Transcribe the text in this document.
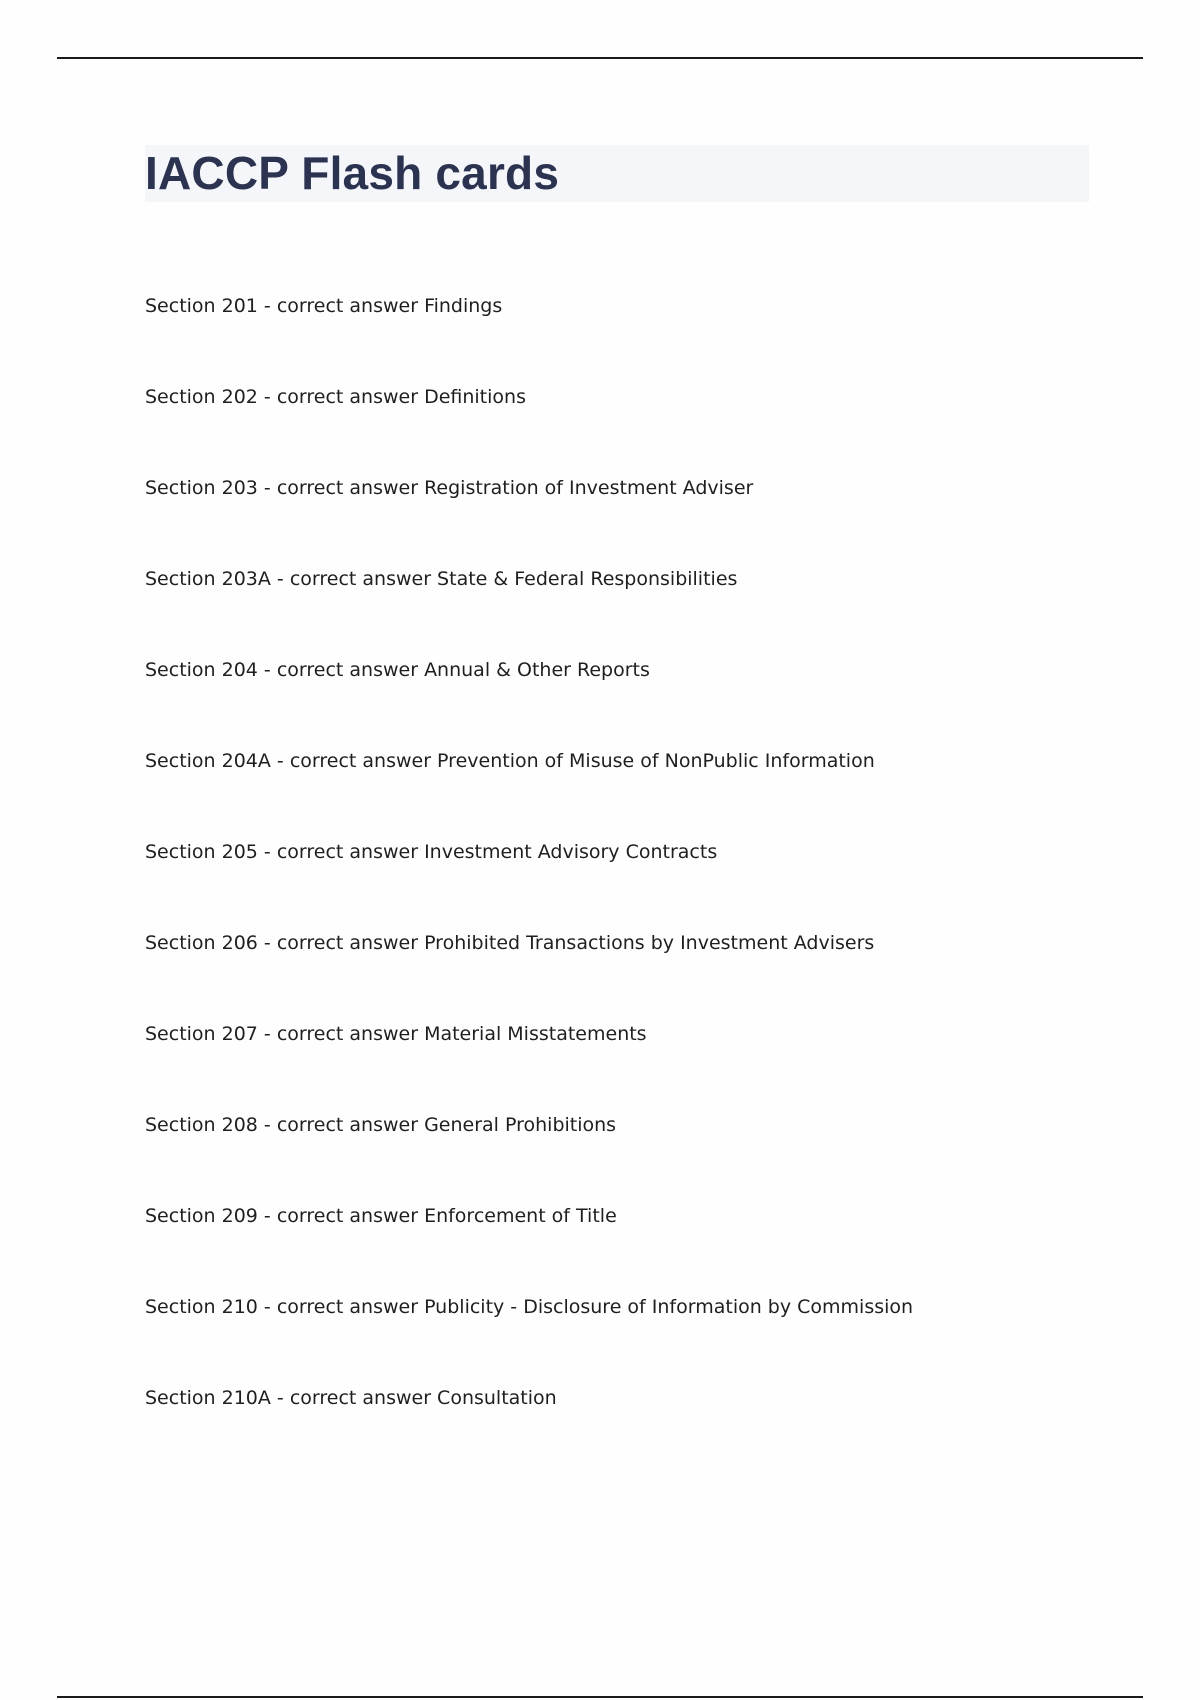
IACCP Flash cards
Section 201 - correct answer Findings
Section 202 - correct answer Definitions
Section 203 - correct answer Registration of Investment Adviser
Section 203A - correct answer State & Federal Responsibilities
Section 204 - correct answer Annual & Other Reports
Section 204A - correct answer Prevention of Misuse of NonPublic Information
Section 205 - correct answer Investment Advisory Contracts
Section 206 - correct answer Prohibited Transactions by Investment Advisers
Section 207 - correct answer Material Misstatements
Section 208 - correct answer General Prohibitions
Section 209 - correct answer Enforcement of Title
Section 210 - correct answer Publicity - Disclosure of Information by Commission
Section 210A - correct answer Consultation
